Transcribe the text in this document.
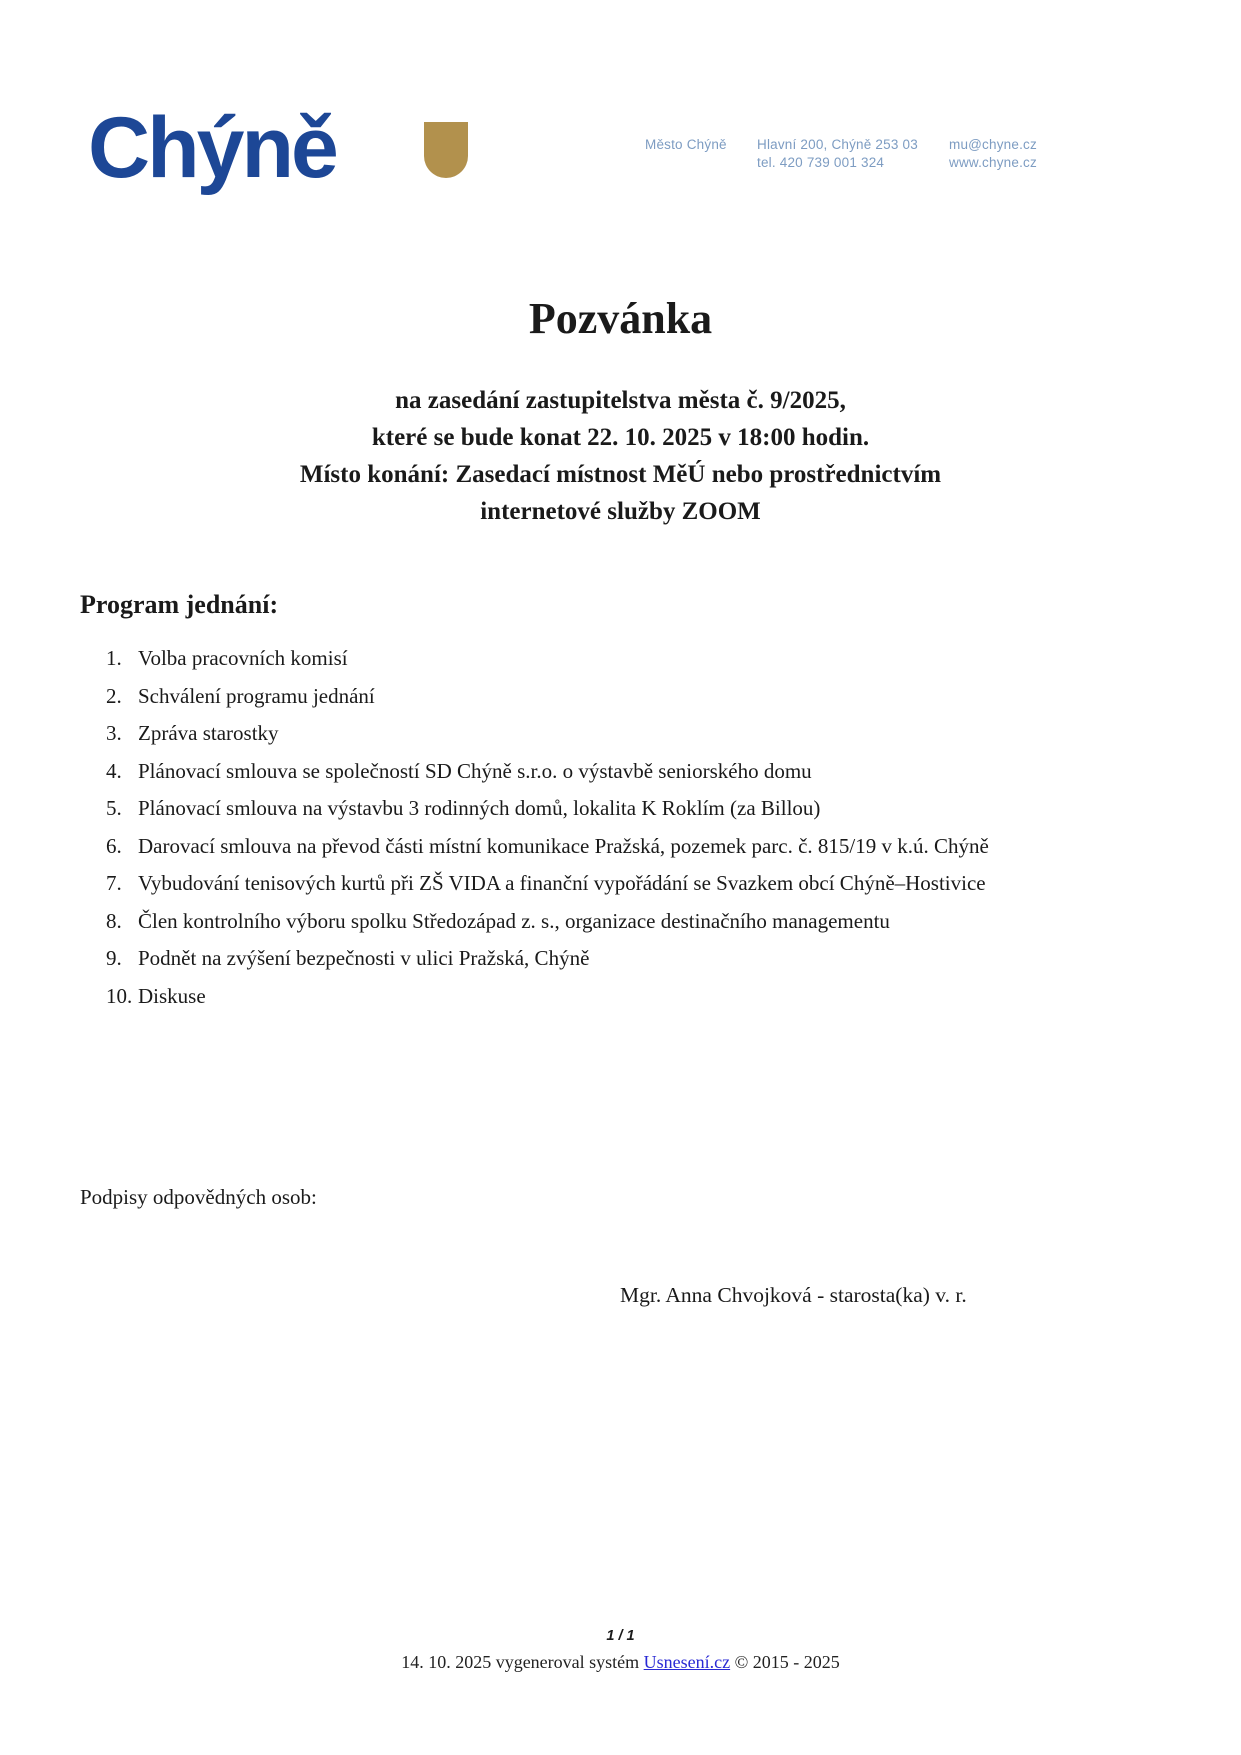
Chýně	Město Chýně	Hlavní 200, Chýně 253 03
tel. 420 739 001 324
mu@chyne.cz
www.chyne.cz
Pozvánka
na zasedání zastupitelstva města č. 9/2025,
které se bude konat 22. 10. 2025 v 18:00 hodin.
Místo konání: Zasedací místnost MěÚ nebo prostřednictvím
internetové služby ZOOM
Program jednání:
Volba pracovních komisí
Schválení programu jednání
Zpráva starostky
Plánovací smlouva se společností SD Chýně s.r.o. o výstavbě seniorského domu
Plánovací smlouva na výstavbu 3 rodinných domů, lokalita K Roklím (za Billou)
Darovací smlouva na převod části místní komunikace Pražská, pozemek parc. č. 815/19 v k.ú. Chýně
Vybudování tenisových kurtů při ZŠ VIDA a finanční vypořádání se Svazkem obcí Chýně–Hostivice
Člen kontrolního výboru spolku Středozápad z. s., organizace destinačního managementu
Podnět na zvýšení bezpečnosti v ulici Pražská, Chýně
Diskuse
Podpisy odpovědných osob:
Mgr. Anna Chvojková - starosta(ka) v. r.
1 / 1
14. 10. 2025 vygeneroval systém Usnesení.cz © 2015 - 2025
